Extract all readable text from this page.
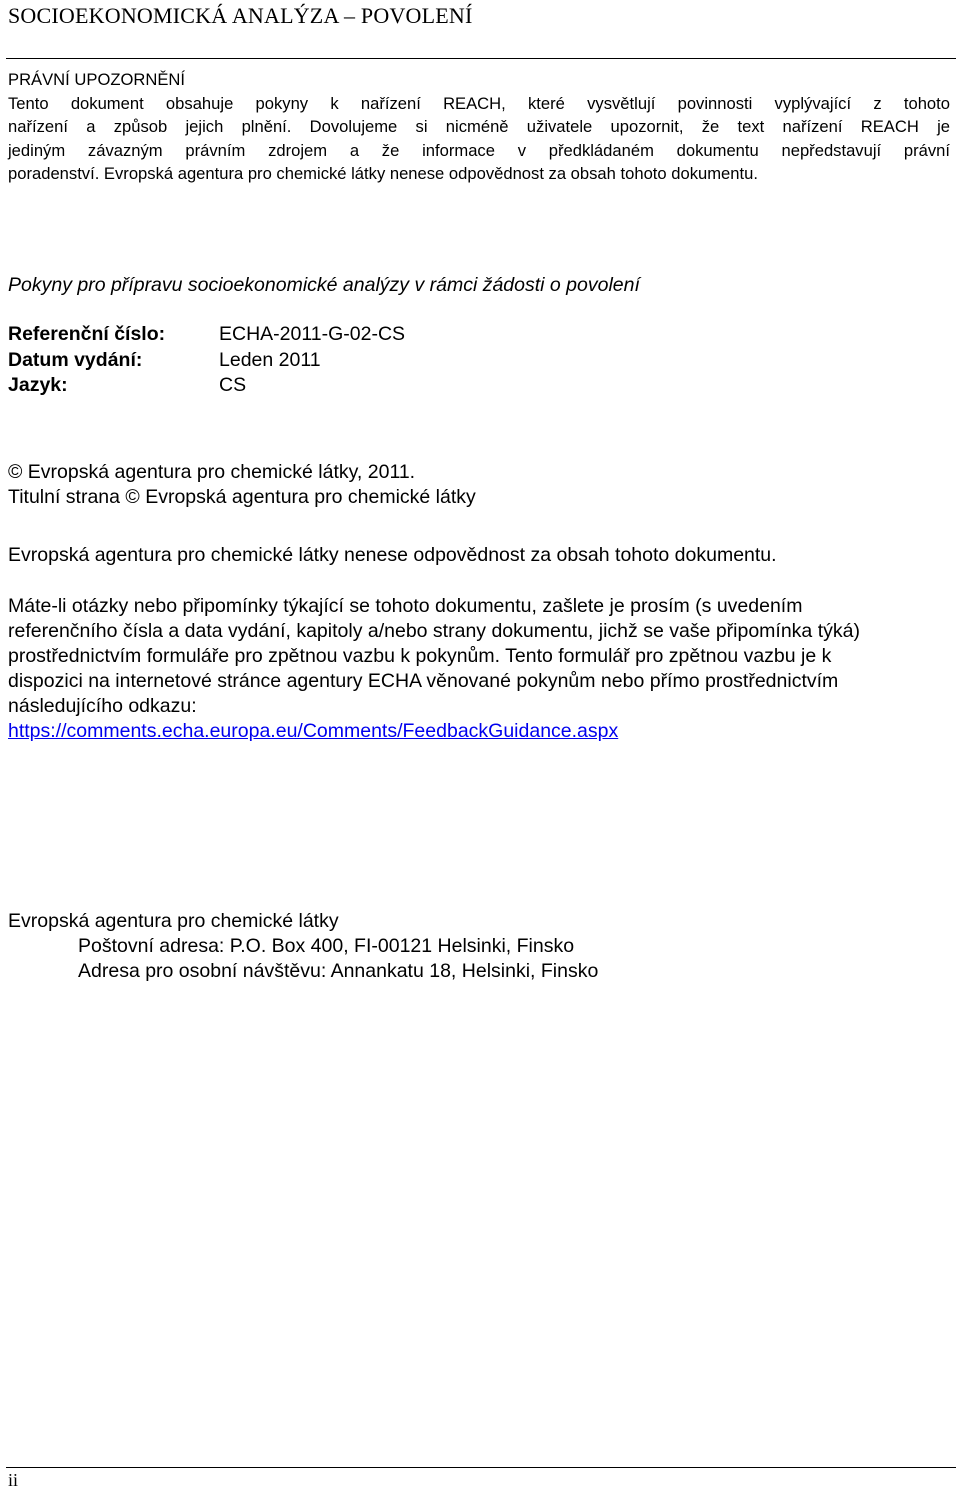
SOCIOEKONOMICKÁ ANALÝZA – POVOLENÍ
PRÁVNÍ UPOZORNĚNÍ
Tento dokument obsahuje pokyny k nařízení REACH, které vysvětlují povinnosti vyplývající z tohoto
nařízení a způsob jejich plnění. Dovolujeme si nicméně uživatele upozornit, že text nařízení REACH je
jediným závazným právním zdrojem a že informace v předkládaném dokumentu nepředstavují právní
poradenství. Evropská agentura pro chemické látky nenese odpovědnost za obsah tohoto dokumentu.
Pokyny pro přípravu socioekonomické analýzy v rámci žádosti o povolení
Referenční číslo:	ECHA-2011-G-02-CS
Datum vydání:	Leden 2011
Jazyk:	CS
© Evropská agentura pro chemické látky, 2011.
Titulní strana © Evropská agentura pro chemické látky
Evropská agentura pro chemické látky nenese odpovědnost za obsah tohoto dokumentu.
Máte-li otázky nebo připomínky týkající se tohoto dokumentu, zašlete je prosím (s uvedením
referenčního čísla a data vydání, kapitoly a/nebo strany dokumentu, jichž se vaše připomínka týká)
prostřednictvím formuláře pro zpětnou vazbu k pokynům. Tento formulář pro zpětnou vazbu je k
dispozici na internetové stránce agentury ECHA věnované pokynům nebo přímo prostřednictvím
následujícího odkazu:
https://comments.echa.europa.eu/Comments/FeedbackGuidance.aspx
Evropská agentura pro chemické látky
Poštovní adresa: P.O. Box 400, FI-00121 Helsinki, Finsko
Adresa pro osobní návštěvu: Annankatu 18, Helsinki, Finsko
ii
